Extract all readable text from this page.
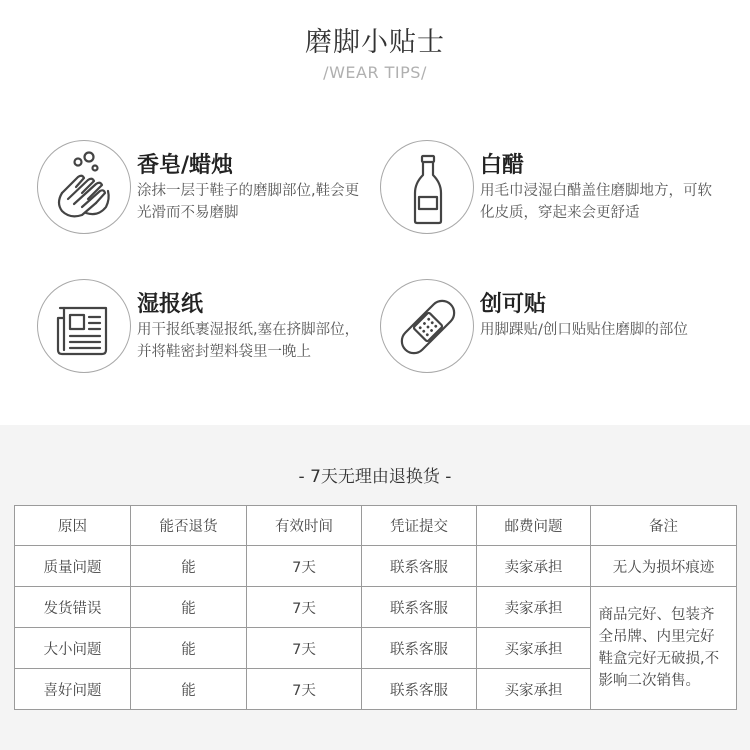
磨脚小贴士
/WEAR TIPS/
香皂/蜡烛
涂抹一层于鞋子的磨脚部位,鞋会更光滑而不易磨脚
白醋
用毛巾浸湿白醋盖住磨脚地方，可软化皮质，穿起来会更舒适
湿报纸
用干报纸裹湿报纸,塞在挤脚部位，并将鞋密封塑料袋里一晚上
创可贴
用脚踝贴/创口贴贴住磨脚的部位
- 7天无理由退换货 -
原因	能否退货	有效时间	凭证提交	邮费问题	备注
质量问题	能	7天	联系客服	卖家承担	无人为损坏痕迹
发货错误	能	7天	联系客服	卖家承担	商品完好、包装齐全吊牌、内里完好鞋盒完好无破损,不影响二次销售。
大小问题	能	7天	联系客服	买家承担	
喜好问题	能	7天	联系客服	买家承担	
